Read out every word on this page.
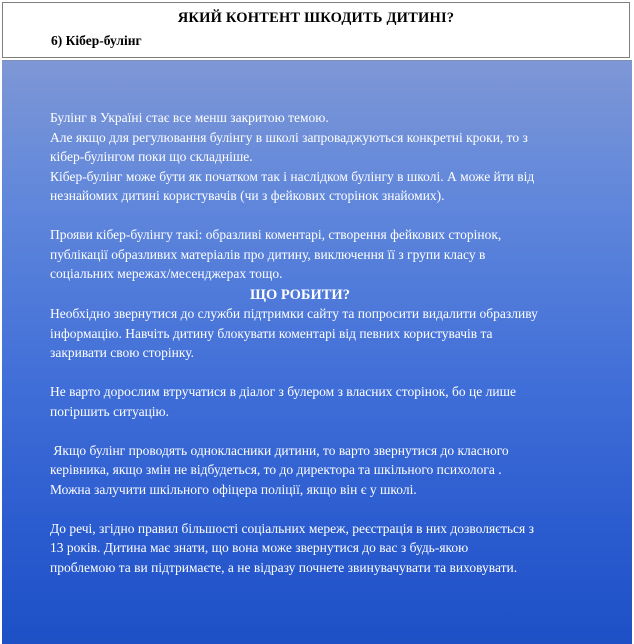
ЯКИЙ КОНТЕНТ ШКОДИТЬ ДИТИНІ?
6) Кібер-булінг

Булінг в Україні стає все менш закритою темою.

Але якщо для регулювання булінгу в школі запроваджуються конкретні кроки, то з

кібер-булінгом поки що складніше.

Кібер-булінг може бути як початком так і наслідком булінгу в школі. А може йти від

незнайомих дитині користувачів (чи з фейкових сторінок знайомих).

Прояви кібер-булінгу такі: образливі коментарі, створення фейкових сторінок,

публікації образливих матеріалів про дитину, виключення її з групи класу в

соціальних мережах/месенджерах тощо.

ЩО РОБИТИ?

Необхідно звернутися до служби підтримки сайту та попросити видалити образливу

інформацію. Навчіть дитину блокувати коментарі від певних користувачів та

закривати свою сторінку.

Не варто дорослим втручатися в діалог з булером з власних сторінок, бо це лише

погіршить ситуацію.

Якщо булінг проводять однокласники дитини, то варто звернутися до класного

керівника, якщо змін не відбудеться, то до директора та шкільного психолога .

Можна залучити шкільного офіцера поліції, якщо він є у школі.

До речі, згідно правил більшості соціальних мереж, реєстрація в них дозволяється з

13 років. Дитина має знати, що вона може звернутися до вас з будь-якою

проблемою та ви підтримаєте, а не відразу почнете звинувачувати та виховувати.
